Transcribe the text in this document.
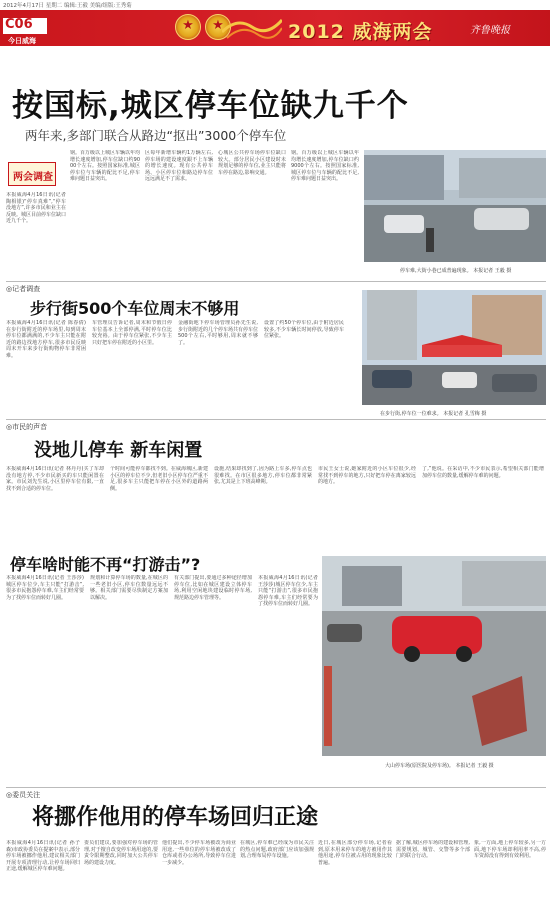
2012年4月17日 星期二 编辑:王毅 美编/组版:王秀菊
C06
今日威海
★	★	2012 威海两会	齐鲁晚报
按国标,城区停车位缺九千个
两年来,多部门联合从路边“抠出”3000个停车位
两会调查
本报威海4月16日讯(记者 陶相银)“停车真难”,“停车没地方”,许多市民和业主在反映。城区目前停车位缺口近九千个。
钢。百万级以上城区车辆以年均增长速度增加,停车位缺口约9000个左右。按照国家标准,城区停车位与车辆的配比不足,停车难问题日益突出。
区每年新增车辆约1万辆左右,停车场的建设速度跟不上车辆的增长速度。现有公共停车场、小区停车位和路边停车位远远满足不了需求。
心城区公共停车场停车位缺口较大。部分居民小区建设时未规划足够的停车位,业主只能将车停在路边,影响交通。
钢。百万级以上城区车辆以年均增长速度增加,停车位缺口约9000个左右。按照国家标准,城区停车位与车辆的配比不足,停车难问题日益突出。
停车难,大街小巷已成普遍现象。 本报记者 王毅 摄
◎记者调查
步行街500个车位周末不够用
本报威海4月16日讯(记者 陈春倩)在步行街附近的停车场里,每到周末停车位都满满的,不少车主只能在附近的路边找地方停车,很多市民反映周末开车来步行街购物停车非常困难。
车管理员告诉记者,周末和节假日停车位基本上全部停满,平时停车位比较充裕。由于停车位紧张,不少车主只好把车停在附近的小区里。
金融街地下停车场管理员孙先生说,步行街附近的几个停车场共有停车位500个左右,平时够用,周末就不够了。
设置了约50个停车位,由于附近居民较多,不少车辆长时间停放,导致停车位紧张。
在步行街,停车位一位难求。 本报记者 孔雪梅 摄
◎市民的声音
没地儿停车 新车闲置
本报威海4月16日讯(记者 林丹丹)买了车却没有地方停,不少市民新买的车只能闲置在家。市民刘先生说,小区里停车位有限,一直找不到合适的停车位。
个时间可能停车都找不到。在威海城区,新建小区的停车位不少,但老旧小区停车位严重不足,很多车主只能把车停在小区外的道路两侧。
设施,结果却找到了,因为路上车多,停车点也很难找。在市区很多地方,停车位都非常紧张,尤其是上下班高峰期。
市民王女士说,她家附近的小区车位很少,经常找不到停车的地方,只好把车停在离家较远的地方。
了,”他说。在采访中,不少市民表示,希望相关部门能增加停车位的数量,缓解停车难的问题。
停车啥时能不再“打游击”?
本报威海4月16日讯(记者 王莎莎)城区停车位少,车主只能“打游击”,很多市民抱怨停车难,车主们经常要为了找停车位而转好几圈。
规划和计算停车场的数量,在城区的一些老旧小区,停车位数量远远不够。相关部门需要尽快制定方案加以解决。
有关部门提出,要通过多种途径增加停车位,比如在城区建设立体停车场,利用空闲地块建设临时停车场,规范路边停车管理等。
本报威海4月16日讯(记者 王莎莎)城区停车位少,车主只能“打游击”,很多市民抱怨停车难,车主们经常要为了找停车位而转好几圈。
大山停车场(原医院及停车场)。 本报记者 王毅 摄
◎委员关注
将挪作他用的停车场回归正途
本报威海4月16日讯(记者 孙子森)市政协委员在提案中表示,部分停车场被挪作他用,建议相关部门开展专项清理行动,让停车场回归正途,缓解城区停车难问题。
委员们建议,要加强对停车场的管理,对于擅自改变停车场用途的,要责令限期整改,同时加大公共停车场的建设力度。
他们提出,不少停车场被改为商业用途,一些单位的停车场被改成了仓库或者办公场所,导致停车位进一步减少。
在城区,停车难已经成为市民关注的热点问题,政府部门应该加强规划,合理布局停车设施。
近日,在城区部分停车场,记者看到,原本用来停车的地方被用作其他用途,停车位被占用的现象比较普遍。
据了解,城区停车场的建设和管理,需要规划、城管、交警等多个部门的联合行动。
象,一方面,地上停车较多,另一方面,地下停车场却利用率不高,停车资源没有得到有效利用。
